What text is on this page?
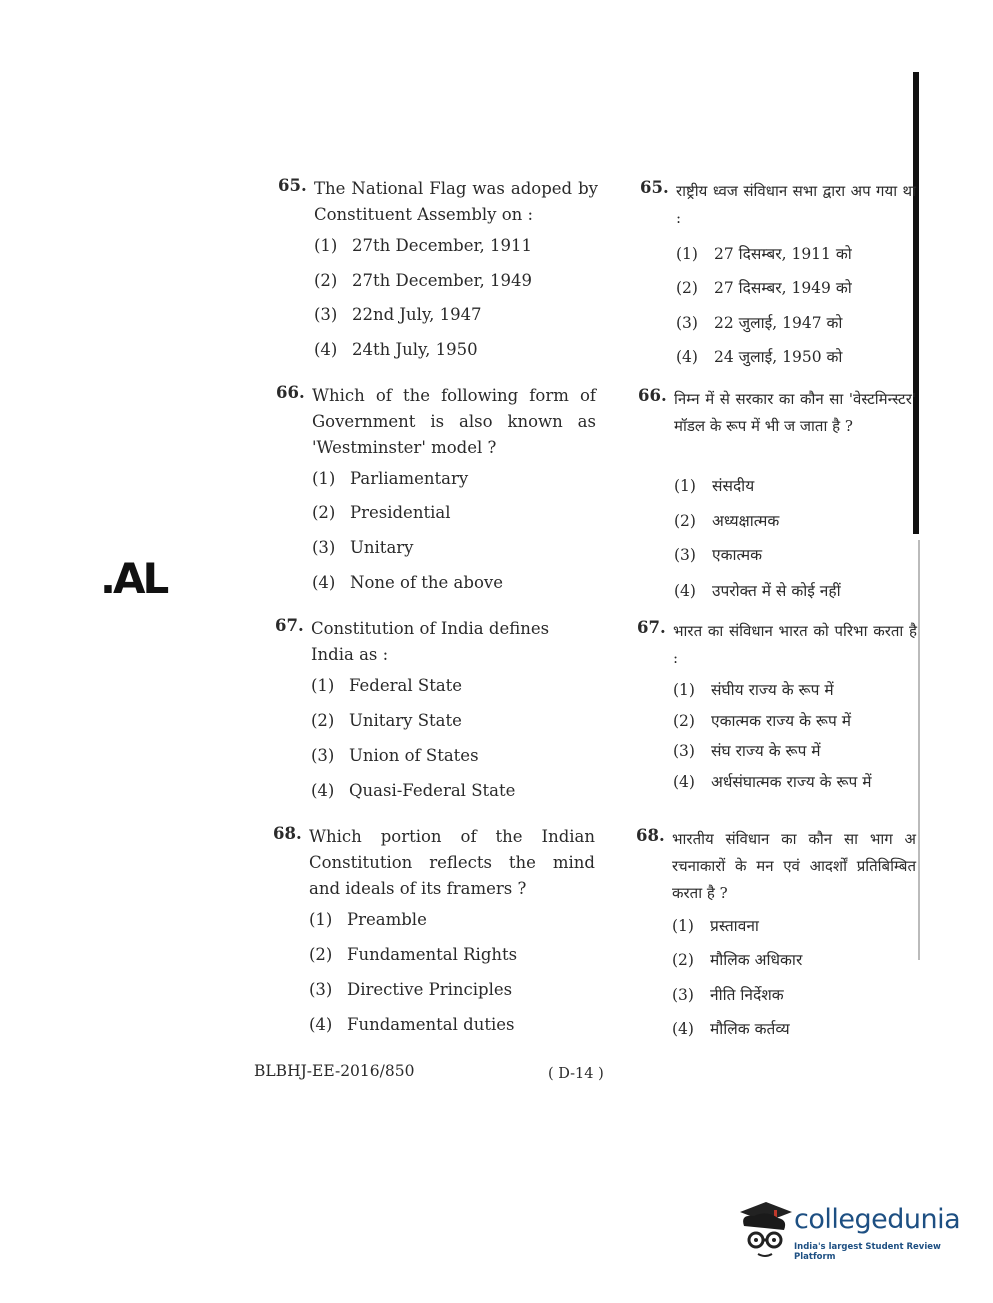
.AL
65. The National Flag was adoped by Constituent Assembly on :
(1) 27th December, 1911
(2) 27th December, 1949
(3) 22nd July, 1947
(4) 24th July, 1950
66. Which of the following form of Government is also known as 'Westminster' model ?
(1) Parliamentary
(2) Presidential
(3) Unitary
(4) None of the above
67. Constitution of India defines India as :
(1) Federal State
(2) Unitary State
(3) Union of States
(4) Quasi-Federal State
68. Which portion of the Indian Constitution reflects the mind and ideals of its framers ?
(1) Preamble
(2) Fundamental Rights
(3) Directive Principles
(4) Fundamental duties
65. राष्ट्रीय ध्वज संविधान सभा द्वारा अप गया था :
(1) 27 दिसम्बर, 1911 को
(2) 27 दिसम्बर, 1949 को
(3) 22 जुलाई, 1947 को
(4) 24 जुलाई, 1950 को
66. निम्न में से सरकार का कौन सा 'वेस्टमिन्स्टर' मॉडल के रूप में भी ज जाता है ?
(1) संसदीय
(2) अध्यक्षात्मक
(3) एकात्मक
(4) उपरोक्त में से कोई नहीं
67. भारत का संविधान भारत को परिभा करता है :
(1) संघीय राज्य के रूप में
(2) एकात्मक राज्य के रूप में
(3) संघ राज्य के रूप में
(4) अर्धसंघात्मक राज्य के रूप में
68. भारतीय संविधान का कौन सा भाग अ रचनाकारों के मन एवं आदर्शों प्रतिबिम्बित करता है ?
(1) प्रस्तावना
(2) मौलिक अधिकार
(3) नीति निर्देशक
(4) मौलिक कर्तव्य
BLBHJ-EE-2016/850	( D-14 )
collegedunia
India's largest Student Review Platform
